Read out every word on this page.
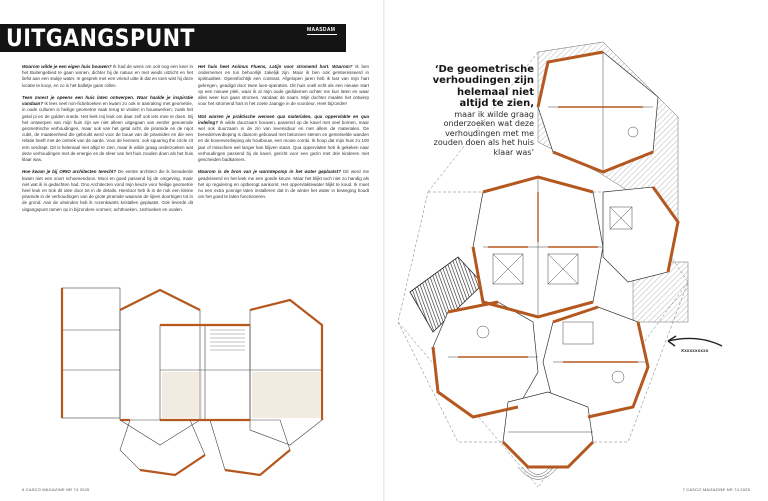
UITGANGSPUNT	MAASDAM

Waarom wilde je een eigen huis bouwen? Ik had de wens om ooit nog een keer in het Buitengebied te gaan wonen, dichter bij de natuur en met weids uitzicht en het liefst aan een stukje water. In gesprek met een vriend uitte ik dat en toen wist hij deze locatie te koop, en zo is het balletje gaan rollen.

Teen moest je opeens een huis laten ontwerpen. Waar haalde je inspiratie vandaan? Ik lees veel non-fictieboeken en kwam zo ook in aanraking met geometrie, in oude culturen is heilige geometrie vaak terug te vinden in bouwwerken; zoals het getal pi en de gulden snede. Het leek mij leuk om daar zelf ook iets mee te doen. Bij het ontwerpen van mijn huis zijn we niet alleen uitgegaan van eerder genoemde geometrische verhoudingen, maar ook van het getal acht, de piramide en de rojot cubit, de maateenheid die gebruikt werd voor de bouw van de piramides en die een relatie heeft met de omtrek van de aarde. Voor de kenners: ook squaring the circle zit erin verdrapt. Dit is helemaal niet altijd te zien, maar ik wilde graag onderzoeken wat deze verhoudingen met de energie en de sfeer van het huis zouden doen als het huis klaar was.

Hoe kwam je bij ORIO architecten terecht? De eerste architect die ik benaderde kwam niet een soort schoenendoos. Mooi en goed passend bij de omgeving, maar niet wat ik in gedachten had. Ono Architecten vond mijn keuze voor heilige geometrie heel leuk en trok dit idee door tot in de details. Hierdoor heb ik in de nok een kleine piramide in de verhoudingen van de grote piramide waarvan de lijnen doortrigen tot in de grond. Aan de uiteinden heb ik rozenkwarts kristallen geplaatst. Ook leverde dit uitgangspunt ramen op in bijzondere vormen; achthoeken, zeshoeken en ovalen.

Het huis heet Animus Fluens, Latijn voor stromend hart. Waarom? Ik ben ondernemer en tun behoorlijk zakelijk zijn. Maar ik ben ook geïnteresseerd in spiritualiteit. Opensfochtijk een contrast. Afgelopen jaren heb ik last van mijn hart gekregen, geadigd door twee luen-operaties. Dit huis voelt echt als een nieuwe start op een nieuwe plek, waar ik al mijn oude gedidemen achter me kun laten en waar alles weer kun gaan stromen. Vandaar de naam. Mijn dochter maakte het ontwerp voor het stromend hart in het zoete zaangje in de voordeur. Heel bijzonder!

Wat warren je praktische wensen qua materialen, qua oppervlakte en qua indeling? Ik wilde duurzaam bouwen, passend op de kavel met veel bomen, maar wel ook duurzaam in de zin van levensduur en met allem de materialen. De benedenverdieping is daarom gebouwd met betonnen stenen en gemetselde wanden en de bovenverdieping als houtbouw, een mooie combi. Ik hoop dat mijn huis zo 100 jaar of misschien wel langer kan blijven staan. Qua oppervlakte heb ik gekeken naar verhoudingen passend bij de kavel, gericht voor een gezin met drie kinderen met gescheiden badkamers.

Waarom is de bron van je warmtepomp in het water geplaatst? Dit werd me geadviseerd en het leek me een goede keuze. Maar het blijkt toch niet zo handig als het op regulering en optberogt aankomt. Het oppervlaktewater blijkt te koud. Ik moet nu een extra ponnige laten installeren dat in de winter het water in beweging houdt om het goed te laten functioneren.

6 CASCO MAGAZINE NR 74 2025	7 CASCO MAGAZINE NR 74 2025
‘De geometrische verhoudingen zijn helemaal niet altijd te zien,
maar ik wilde graag onderzoeken wat deze verhoudingen met me zouden doen als het huis klaar was’
Xxxxxxxxxx
